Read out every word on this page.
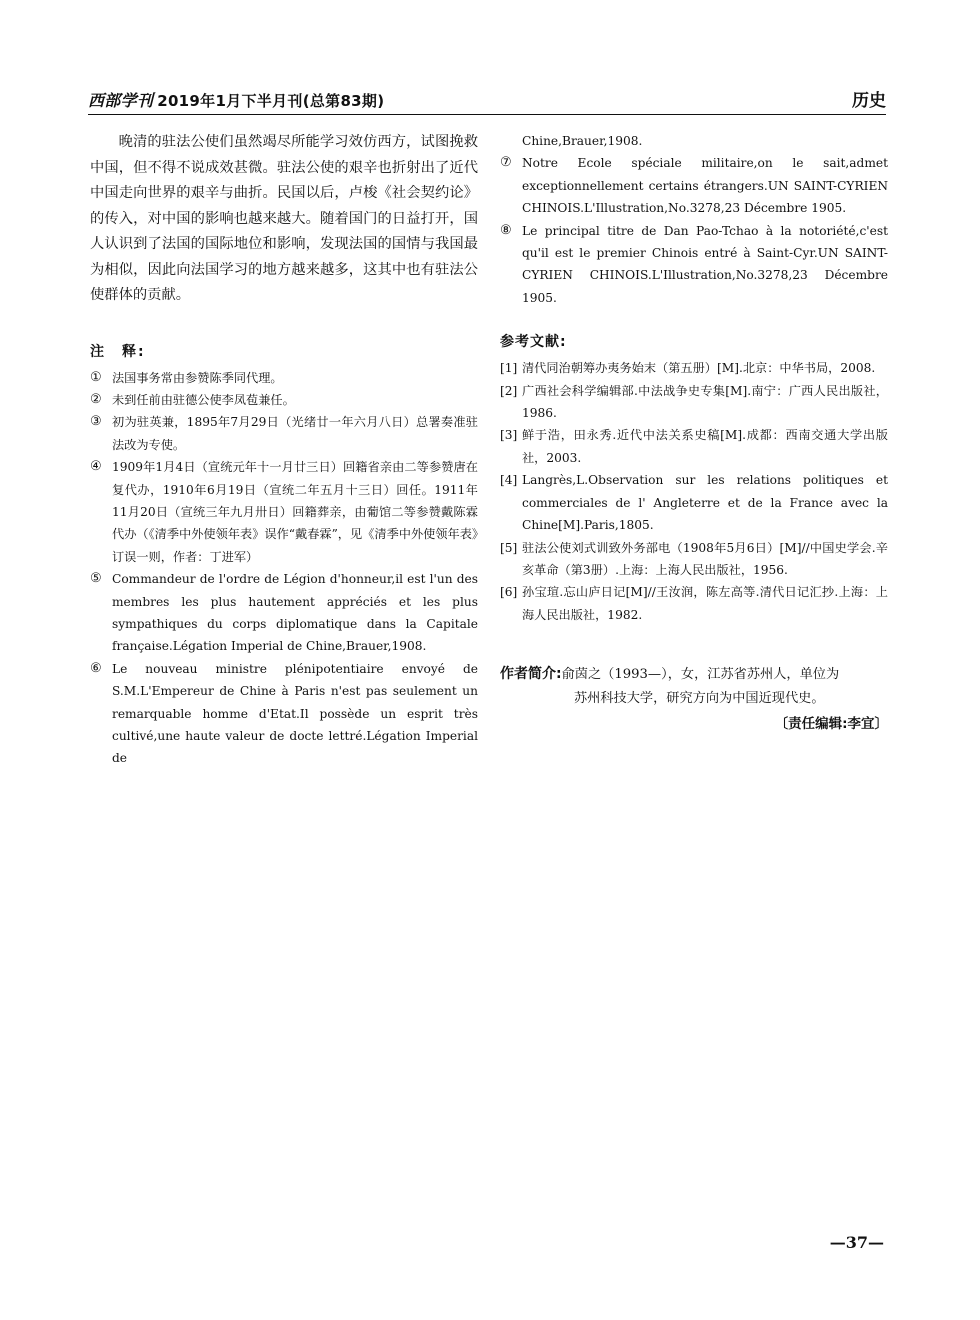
西部学刊 2019年1月下半月刊(总第83期)	历史

晚清的驻法公使们虽然竭尽所能学习效仿西方，试图挽救中国，但不得不说成效甚微。驻法公使的艰辛也折射出了近代中国走向世界的艰辛与曲折。民国以后，卢梭《社会契约论》的传入，对中国的影响也越来越大。随着国门的日益打开，国人认识到了法国的国际地位和影响，发现法国的国情与我国最为相似，因此向法国学习的地方越来越多，这其中也有驻法公使群体的贡献。

注　释:

① 法国事务常由参赞陈季同代理。
② 未到任前由驻德公使李凤苞兼任。
③ 初为驻英兼，1895年7月29日（光绪廿一年六月八日）总署奏准驻法改为专使。
④ 1909年1月4日（宣统元年十一月廿三日）回籍省亲由二等参赞唐在复代办，1910年6月19日（宣统二年五月十三日）回任。1911年11月20日（宣统三年九月卅日）回籍葬亲，由葡馆二等参赞戴陈霖代办（《清季中外使领年表》误作“戴春霖”，见《清季中外使领年表》订误一则，作者：丁进军）
⑤ Commandeur de l'ordre de Légion d'honneur,il est l'un des membres les plus hautement appréciés et les plus sympathiques du corps diplomatique dans la Capitale française.Légation Imperial de Chine,Brauer,1908.
⑥ Le nouveau ministre plénipotentiaire envoyé de S.M.L'Empereur de Chine à Paris n'est pas seulement un remarquable homme d'Etat.Il possède un esprit très cultivé,une haute valeur de docte lettré.Légation Imperial de
Chine,Brauer,1908.
⑦ Notre Ecole spéciale militaire,on le sait,admet exceptionnellement certains étrangers.UN SAINT-CYRIEN CHINOIS.L'Illustration,No.3278,23 Décembre 1905.
⑧ Le principal titre de Dan Pao-Tchao à la notoriété,c'est qu'il est le premier Chinois entré à Saint-Cyr.UN SAINT-CYRIEN CHINOIS.L'Illustration,No.3278,23 Décembre 1905.

参考文献:

[1] 清代同治朝筹办夷务始末（第五册）[M].北京：中华书局，2008.
[2] 广西社会科学编辑部.中法战争史专集[M].南宁：广西人民出版社，1986.
[3] 鲜于浩，田永秀.近代中法关系史稿[M].成都：西南交通大学出版社，2003.
[4] Langrès,L.Observation sur les relations politiques et commerciales de l' Angleterre et de la France avec la Chine[M].Paris,1805.
[5] 驻法公使刘式训致外务部电（1908年5月6日）[M]//中国史学会.辛亥革命（第3册）.上海：上海人民出版社，1956.
[6] 孙宝瑄.忘山庐日记[M]//王汝润，陈左高等.清代日记汇抄.上海：上海人民出版社，1982.

作者简介:俞茵之（1993—），女，江苏省苏州人，单位为

苏州科技大学，研究方向为中国近现代史。

〔责任编辑:李宜〕

—37—
